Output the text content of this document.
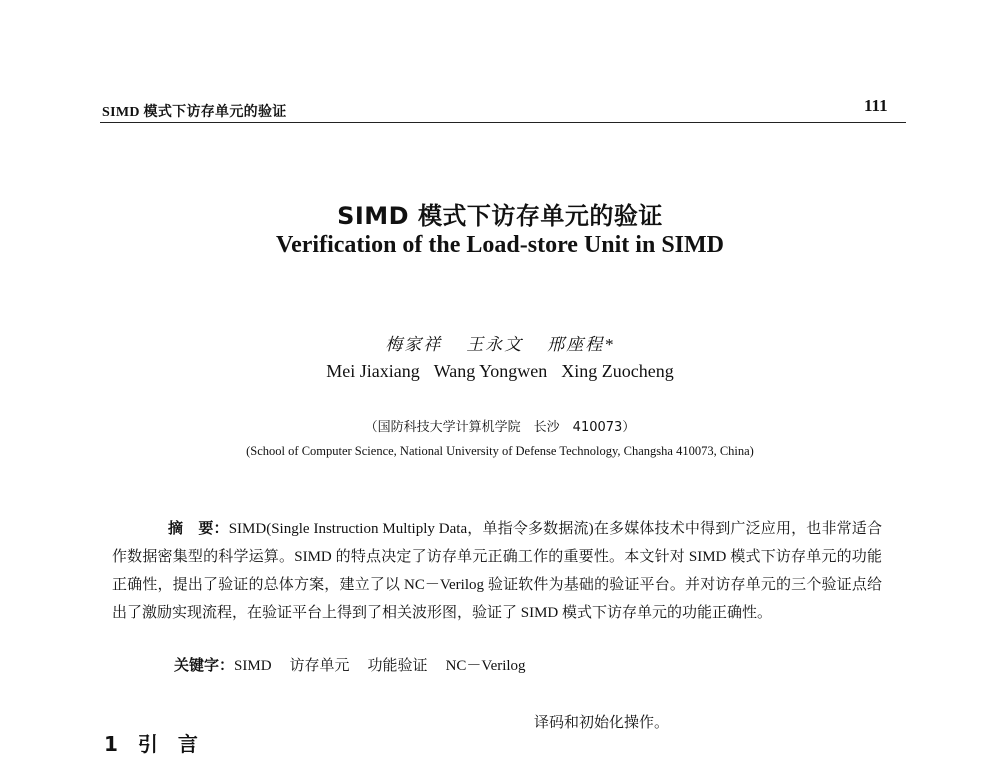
SIMD 模式下访存单元的验证	111
SIMD 模式下访存单元的验证
Verification of the Load-store Unit in SIMD
梅家祥 王永文 邢座程*
Mei Jiaxiang Wang Yongwen Xing Zuocheng
（国防科技大学计算机学院　长沙　410073）
(School of Computer Science, National University of Defense Technology, Changsha 410073, China)
摘　要：SIMD(Single Instruction Multiply Data，单指令多数据流)在多媒体技术中得到广泛应用，也非常适合作数据密集型的科学运算。SIMD 的特点决定了访存单元正确工作的重要性。本文针对 SIMD 模式下访存单元的功能正确性，提出了验证的总体方案，建立了以 NC－Verilog 验证软件为基础的验证平台。并对访存单元的三个验证点给出了激励实现流程，在验证平台上得到了相关波形图，验证了 SIMD 模式下访存单元的功能正确性。
关键字：SIMD 访存单元 功能验证 NC－Verilog
译码和初始化操作。
1　引　言
